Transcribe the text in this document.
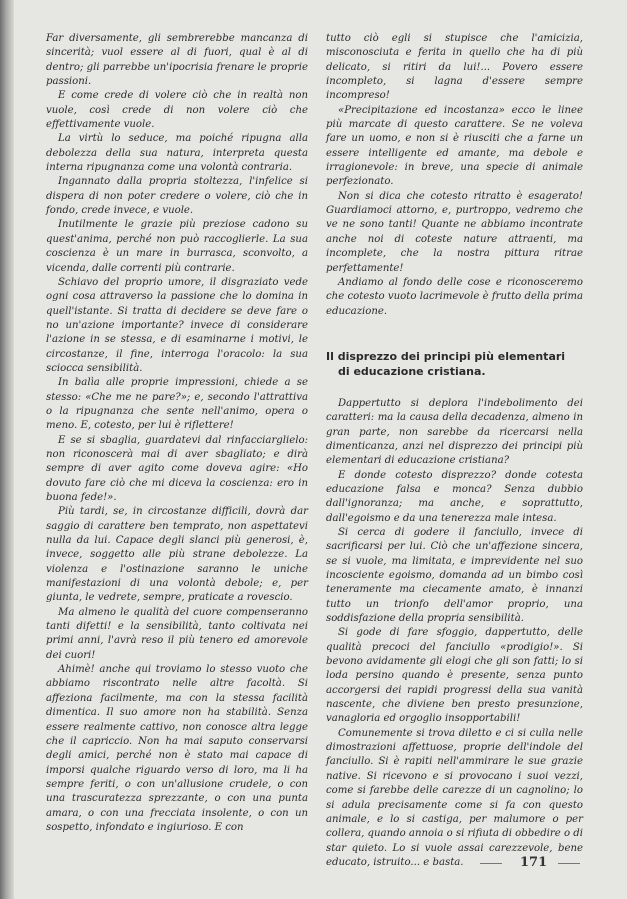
Far diversamente, gli sembrerebbe mancanza di sincerità; vuol essere al di fuori, qual è al di dentro; gli parrebbe un'ipocrisia frenare le proprie passioni.

E come crede di volere ciò che in realtà non vuole, così crede di non volere ciò che effettivamente vuole.

La virtù lo seduce, ma poiché ripugna alla debolezza della sua natura, interpreta questa interna ripugnanza come una volontà contraria.

Ingannato dalla propria stoltezza, l'infelice si dispera di non poter credere o volere, ciò che in fondo, crede invece, e vuole.

Inutilmente le grazie più preziose cadono su quest'anima, perché non può raccoglierle. La sua coscienza è un mare in burrasca, sconvolto, a vicenda, dalle correnti più contrarie.

Schiavo del proprio umore, il disgraziato vede ogni cosa attraverso la passione che lo domina in quell'istante. Si tratta di decidere se deve fare o no un'azione importante? invece di considerare l'azione in se stessa, e di esaminarne i motivi, le circostanze, il fine, interroga l'oracolo: la sua sciocca sensibilità.

In balìa alle proprie impressioni, chiede a se stesso: «Che me ne pare?»; e, secondo l'attrattiva o la ripugnanza che sente nell'animo, opera o meno. E, cotesto, per lui è riflettere!

E se si sbaglia, guardatevi dal rinfacciarglielo: non riconoscerà mai di aver sbagliato; e dirà sempre di aver agito come doveva agire: «Ho dovuto fare ciò che mi diceva la coscienza: ero in buona fede!».

Più tardi, se, in circostanze difficili, dovrà dar saggio di carattere ben temprato, non aspettatevi nulla da lui. Capace degli slanci più generosi, è, invece, soggetto alle più strane debolezze. La violenza e l'ostinazione saranno le uniche manifestazioni di una volontà debole; e, per giunta, le vedrete, sempre, praticate a rovescio.

Ma almeno le qualità del cuore compenseranno tanti difetti! e la sensibilità, tanto coltivata nei primi anni, l'avrà reso il più tenero ed amorevole dei cuori!

Ahimè! anche qui troviamo lo stesso vuoto che abbiamo riscontrato nelle altre facoltà. Si affeziona facilmente, ma con la stessa facilità dimentica. Il suo amore non ha stabilità. Senza essere realmente cattivo, non conosce altra legge che il capriccio. Non ha mai saputo conservarsi degli amici, perché non è stato mai capace di imporsi qualche riguardo verso di loro, ma li ha sempre feriti, o con un'allusione crudele, o con una trascuratezza sprezzante, o con una punta amara, o con una frecciata insolente, o con un sospetto, infondato e ingiurioso. E con

tutto ciò egli si stupisce che l'amicizia, misconosciuta e ferita in quello che ha di più delicato, si ritiri da lui!... Povero essere incompleto, si lagna d'essere sempre incompreso!

«Precipitazione ed incostanza» ecco le linee più marcate di questo carattere. Se ne voleva fare un uomo, e non si è riusciti che a farne un essere intelligente ed amante, ma debole e irragionevole: in breve, una specie di animale perfezionato.

Non si dica che cotesto ritratto è esagerato! Guardiamoci attorno, e, purtroppo, vedremo che ve ne sono tanti! Quante ne abbiamo incontrate anche noi di coteste nature attraenti, ma incomplete, che la nostra pittura ritrae perfettamente!

Andiamo al fondo delle cose e riconosceremo che cotesto vuoto lacrimevole è frutto della prima educazione.

Il disprezzo dei principi più elementari
di educazione cristiana.

Dappertutto si deplora l'indebolimento dei caratteri: ma la causa della decadenza, almeno in gran parte, non sarebbe da ricercarsi nella dimenticanza, anzi nel disprezzo dei principi più elementari di educazione cristiana?

E donde cotesto disprezzo? donde cotesta educazione falsa e monca? Senza dubbio dall'ignoranza; ma anche, e soprattutto, dall'egoismo e da una tenerezza male intesa.

Si cerca di godere il fanciullo, invece di sacrificarsi per lui. Ciò che un'affezione sincera, se si vuole, ma limitata, e imprevidente nel suo incosciente egoismo, domanda ad un bimbo così teneramente ma ciecamente amato, è innanzi tutto un trionfo dell'amor proprio, una soddisfazione della propria sensibilità.

Si gode di fare sfoggio, dappertutto, delle qualità precoci del fanciullo «prodigio!». Si bevono avidamente gli elogi che gli son fatti; lo si loda persino quando è presente, senza punto accorgersi dei rapidi progressi della sua vanità nascente, che diviene ben presto presunzione, vanagloria ed orgoglio insopportabili!

Comunemente si trova diletto e ci si culla nelle dimostrazioni affettuose, proprie dell'indole del fanciullo. Si è rapiti nell'ammirare le sue grazie native. Si ricevono e si provocano i suoi vezzi, come si farebbe delle carezze di un cagnolino; lo si adula precisamente come si fa con questo animale, e lo si castiga, per malumore o per collera, quando annoia o si rifiuta di obbedire o di star quieto. Lo si vuole assai carezzevole, bene educato, istruito... e basta.	171
